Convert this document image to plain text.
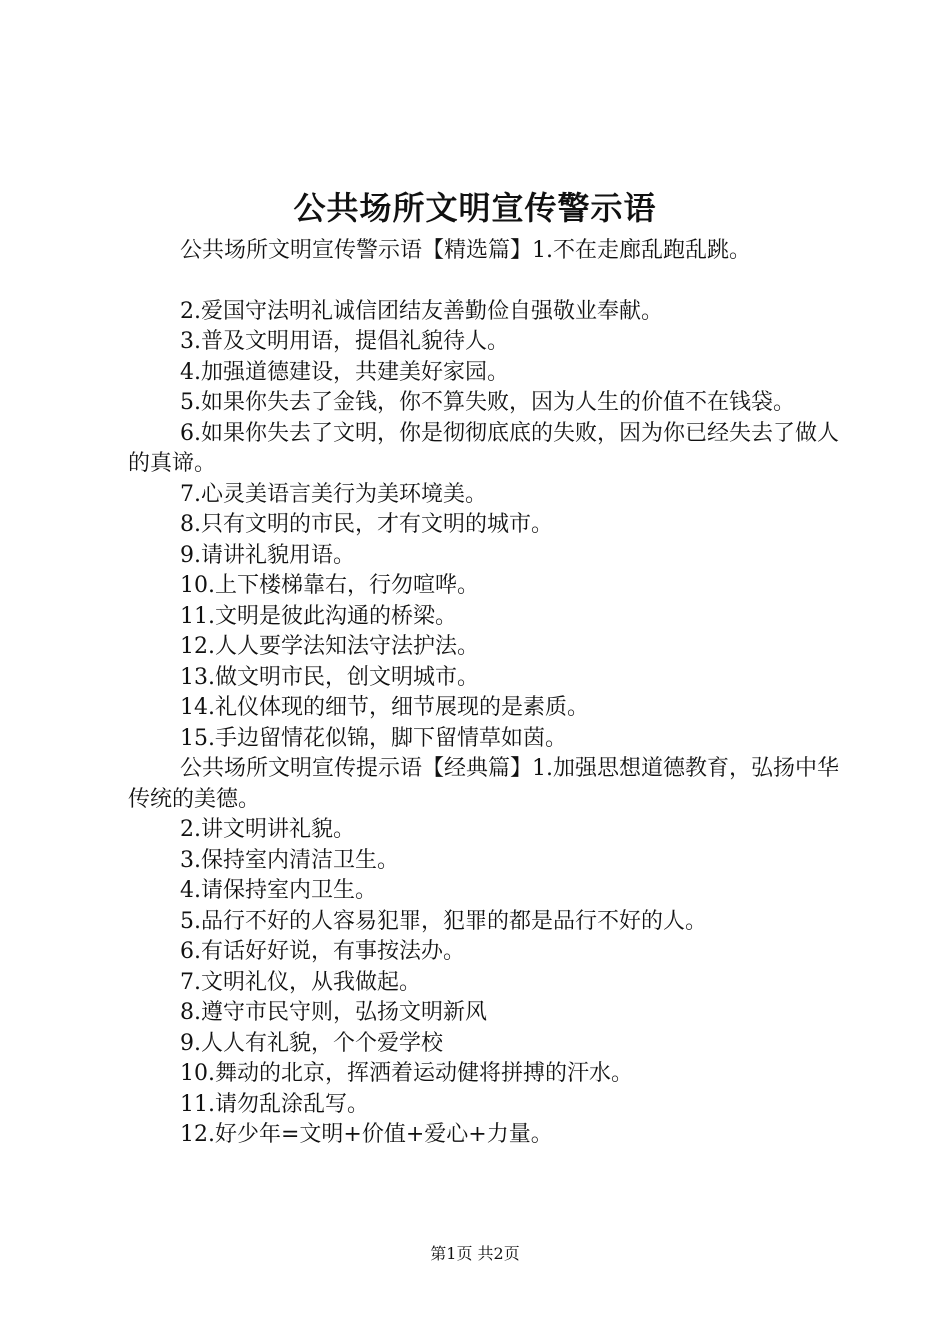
公共场所文明宣传警示语

公共场所文明宣传警示语【精选篇】1.不在走廊乱跑乱跳。

2.爱国守法明礼诚信团结友善勤俭自强敬业奉献。

3.普及文明用语，提倡礼貌待人。

4.加强道德建设，共建美好家园。

5.如果你失去了金钱，你不算失败，因为人生的价值不在钱袋。

6.如果你失去了文明，你是彻彻底底的失败，因为你已经失去了做人的真谛。

7.心灵美语言美行为美环境美。

8.只有文明的市民，才有文明的城市。

9.请讲礼貌用语。

10.上下楼梯靠右，行勿喧哗。

11.文明是彼此沟通的桥梁。

12.人人要学法知法守法护法。

13.做文明市民，创文明城市。

14.礼仪体现的细节，细节展现的是素质。

15.手边留情花似锦，脚下留情草如茵。

公共场所文明宣传提示语【经典篇】1.加强思想道德教育，弘扬中华传统的美德。

2.讲文明讲礼貌。

3.保持室内清洁卫生。

4.请保持室内卫生。

5.品行不好的人容易犯罪，犯罪的都是品行不好的人。

6.有话好好说，有事按法办。

7.文明礼仪，从我做起。

8.遵守市民守则，弘扬文明新风

9.人人有礼貌，个个爱学校

10.舞动的北京，挥洒着运动健将拼搏的汗水。

11.请勿乱涂乱写。

12.好少年=文明+价值+爱心+力量。

第1页 共2页
